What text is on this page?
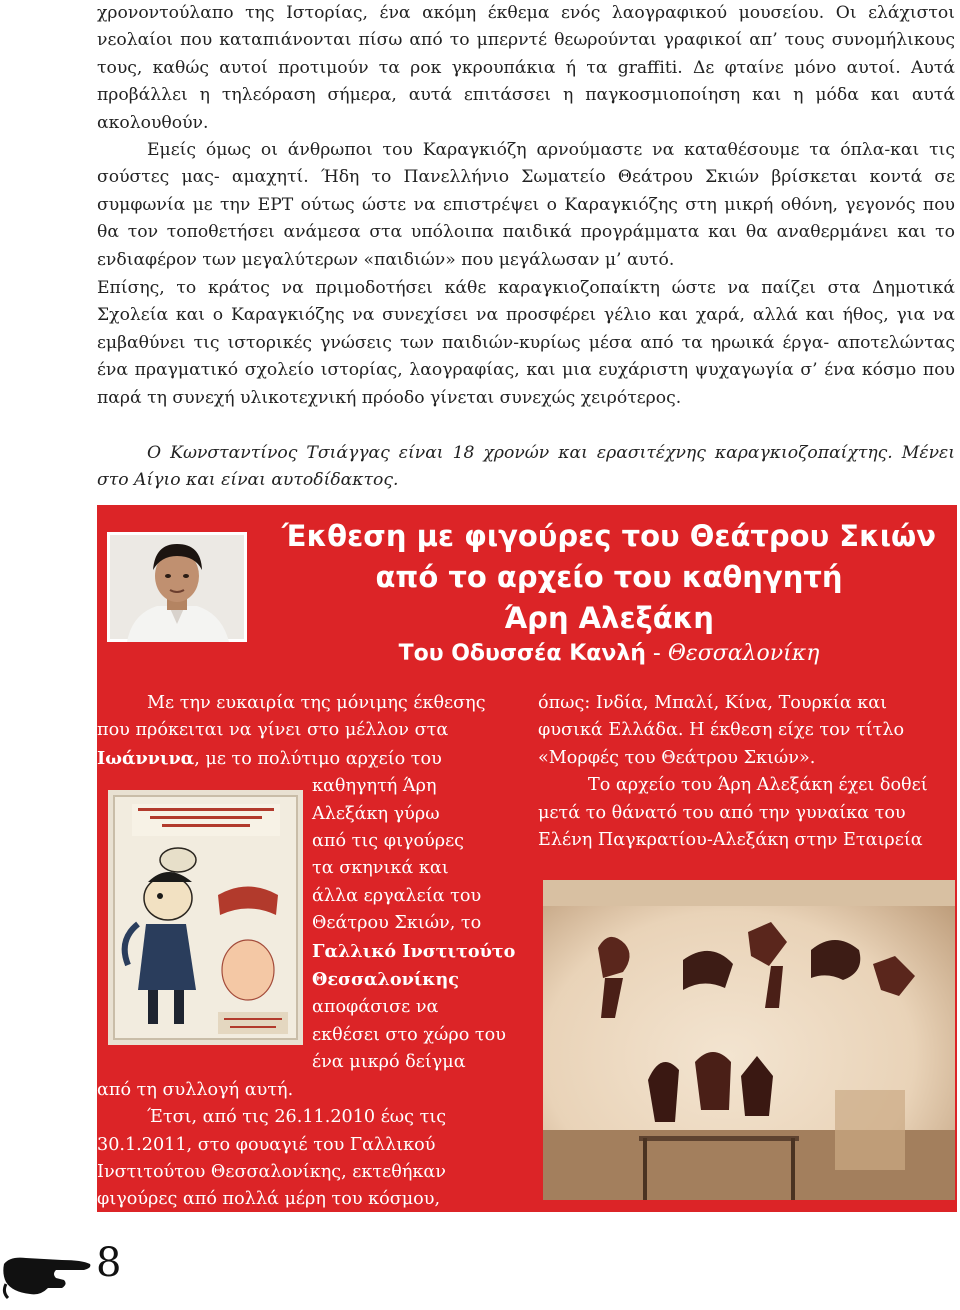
χρονοντούλαπο της Ιστορίας, ένα ακόμη έκθεμα ενός λαογραφικού μουσείου. Οι ελάχιστοι νεολαίοι που καταπιάνονται πίσω από το μπερντέ θεωρούνται γραφικοί απ’ τους συνομήλικους τους, καθώς αυτοί προτιμούν τα ροκ γκρουπάκια ή τα graffiti. Δε φταίνε μόνο αυτοί. Αυτά προβάλλει η τηλεόραση σήμερα, αυτά επιτάσσει η παγκοσμιοποίηση και η μόδα και αυτά ακολουθούν.

Εμείς όμως οι άνθρωποι του Καραγκιόζη αρνούμαστε να καταθέσουμε τα όπλα-και τις σούστες μας- αμαχητί. Ήδη το Πανελλήνιο Σωματείο Θεάτρου Σκιών βρίσκεται κοντά σε συμφωνία με την ΕΡΤ ούτως ώστε να επιστρέψει ο Καραγκιόζης στη μικρή οθόνη, γεγονός που θα τον τοποθετήσει ανάμεσα στα υπόλοιπα παιδικά προγράμματα και θα αναθερμάνει και το ενδιαφέρον των μεγαλύτερων «παιδιών» που μεγάλωσαν μ’ αυτό.

Επίσης, το κράτος να πριμοδοτήσει κάθε καραγκιοζοπαίκτη ώστε να παίζει στα Δημοτικά Σχολεία και ο Καραγκιόζης να συνεχίσει να προσφέρει γέλιο και χαρά, αλλά και ήθος, για να εμβαθύνει τις ιστορικές γνώσεις των παιδιών-κυρίως μέσα από τα ηρωικά έργα- αποτελώντας ένα πραγματικό σχολείο ιστορίας, λαογραφίας, και μια ευχάριστη ψυχαγωγία σ’ ένα κόσμο που παρά τη συνεχή υλικοτεχνική πρόοδο γίνεται συνεχώς χειρότερος.

Ο Κωνσταντίνος Τσιάγγας είναι 18 χρονών και ερασιτέχνης καραγκιοζοπαίχτης. Μένει στο Αίγιο και είναι αυτοδίδακτος.

Έκθεση με φιγούρες του Θεάτρου Σκιών
από το αρχείο του καθηγητή
Άρη Αλεξάκη
Του Οδυσσέα Κανλή - Θεσσαλονίκη
Με την ευκαιρία της μόνιμης έκθεσης
που πρόκειται να γίνει στο μέλλον στα
Ιωάννινα, με το πολύτιμο αρχείο του
καθηγητή Άρη
Αλεξάκη γύρω
από τις φιγούρες
τα σκηνικά και
άλλα εργαλεία του
Θεάτρου Σκιών, το
Γαλλικό Ινστιτούτο
Θεσσαλονίκης
αποφάσισε να
εκθέσει στο χώρο του
ένα μικρό δείγμα
από τη συλλογή αυτή.
Έτσι, από τις 26.11.2010 έως τις
30.1.2011, στο φουαγιέ του Γαλλικού
Ινστιτούτου Θεσσαλονίκης, εκτεθήκαν
φιγούρες από πολλά μέρη του κόσμου,
όπως: Ινδία, Μπαλί, Κίνα, Τουρκία και
φυσικά Ελλάδα. Η έκθεση είχε τον τίτλο
«Μορφές του Θεάτρου Σκιών».
Το αρχείο του Άρη Αλεξάκη έχει δοθεί
μετά το θάνατό του από την γυναίκα του
Ελένη Παγκρατίου-Αλεξάκη στην Εταιρεία
8
